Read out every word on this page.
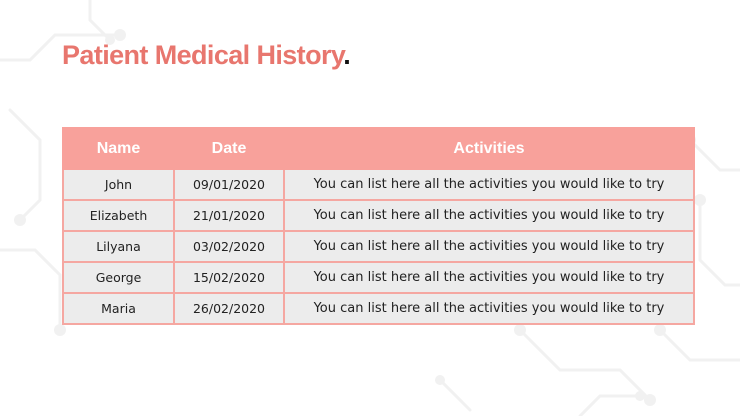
Patient Medical History.
Name	Date	Activities
John	09/01/2020	You can list here all the activities you would like to try
Elizabeth	21/01/2020	You can list here all the activities you would like to try
Lilyana	03/02/2020	You can list here all the activities you would like to try
George	15/02/2020	You can list here all the activities you would like to try
Maria	26/02/2020	You can list here all the activities you would like to try
